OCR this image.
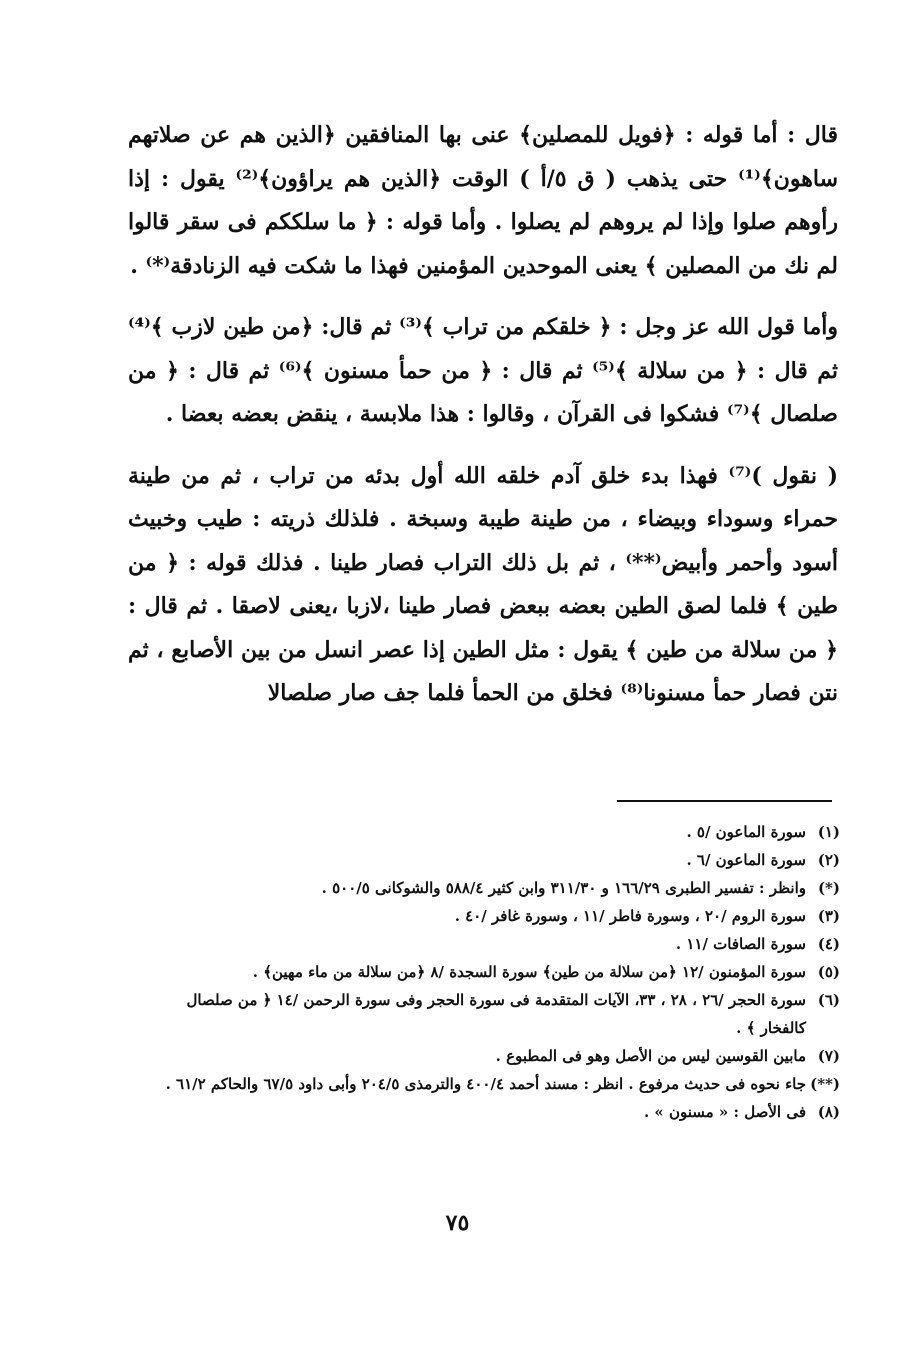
قال : أما قوله : ﴿فويل للمصلين﴾ عنى بها المنافقين ﴿الذين هم عن صلاتهم ساهون﴾⁽¹⁾ حتى يذهب ( ق ٥/أ ) الوقت ﴿الذين هم يراؤون﴾⁽²⁾ يقول : إذا رأوهم صلوا وإذا لم يروهم لم يصلوا . وأما قوله : ﴿ ما سلككم فى سقر قالوا لم نك من المصلين ﴾ يعنى الموحدين المؤمنين فهذا ما شكت فيه الزنادقة⁽*⁾ .

وأما قول الله عز وجل : ﴿ خلقكم من تراب ﴾⁽³⁾ ثم قال: ﴿من طين لازب ﴾⁽⁴⁾ ثم قال : ﴿ من سلالة ﴾⁽⁵⁾ ثم قال : ﴿ من حمأ مسنون ﴾⁽⁶⁾ ثم قال : ﴿ من صلصال ﴾⁽⁷⁾ فشكوا فى القرآن ، وقالوا : هذا ملابسة ، ينقض بعضه بعضا .

( نقول )⁽⁷⁾ فهذا بدء خلق آدم خلقه الله أول بدئه من تراب ، ثم من طينة حمراء وسوداء وبيضاء ، من طينة طيبة وسبخة . فلذلك ذريته : طيب وخبيث أسود وأحمر وأبيض⁽**⁾ ، ثم بل ذلك التراب فصار طينا . فذلك قوله : ﴿ من طين ﴾ فلما لصق الطين بعضه ببعض فصار طينا ،لازبا ،يعنى لاصقا . ثم قال : ﴿ من سلالة من طين ﴾ يقول : مثل الطين إذا عصر انسل من بين الأصابع ، ثم نتن فصار حمأ مسنونا⁽⁸⁾ فخلق من الحمأ فلما جف صار صلصالا

(١)
سورة الماعون /٥ .
(٢)
سورة الماعون /٦ .
(*)
وانظر : تفسير الطبرى ١٦٦/٢٩ و ٣١١/٣٠ وابن كثير ٥٨٨/٤ والشوكانى ٥٠٠/٥ .
(٣)
سورة الروم /٢٠ ، وسورة فاطر /١١ ، وسورة غافر /٤٠ .
(٤)
سورة الصافات /١١ .
(٥)
سورة المؤمنون /١٢ ﴿من سلالة من طين﴾ سورة السجدة /٨ ﴿من سلالة من ماء مهين﴾ .
(٦)
سورة الحجر /٢٦ ، ٢٨ ، ٣٣، الآيات المتقدمة فى سورة الحجر وفى سورة الرحمن /١٤ ﴿ من صلصال كالفخار ﴾ .
(٧)
مابين القوسين ليس من الأصل وهو فى المطبوع .
(**)
جاء نحوه فى حديث مرفوع . انظر : مسند أحمد ٤٠٠/٤ والترمذى ٢٠٤/٥ وأبى داود ٦٧/٥ والحاكم ٦١/٢ .
(٨)
فى الأصل : « مسنون » .
٧٥
